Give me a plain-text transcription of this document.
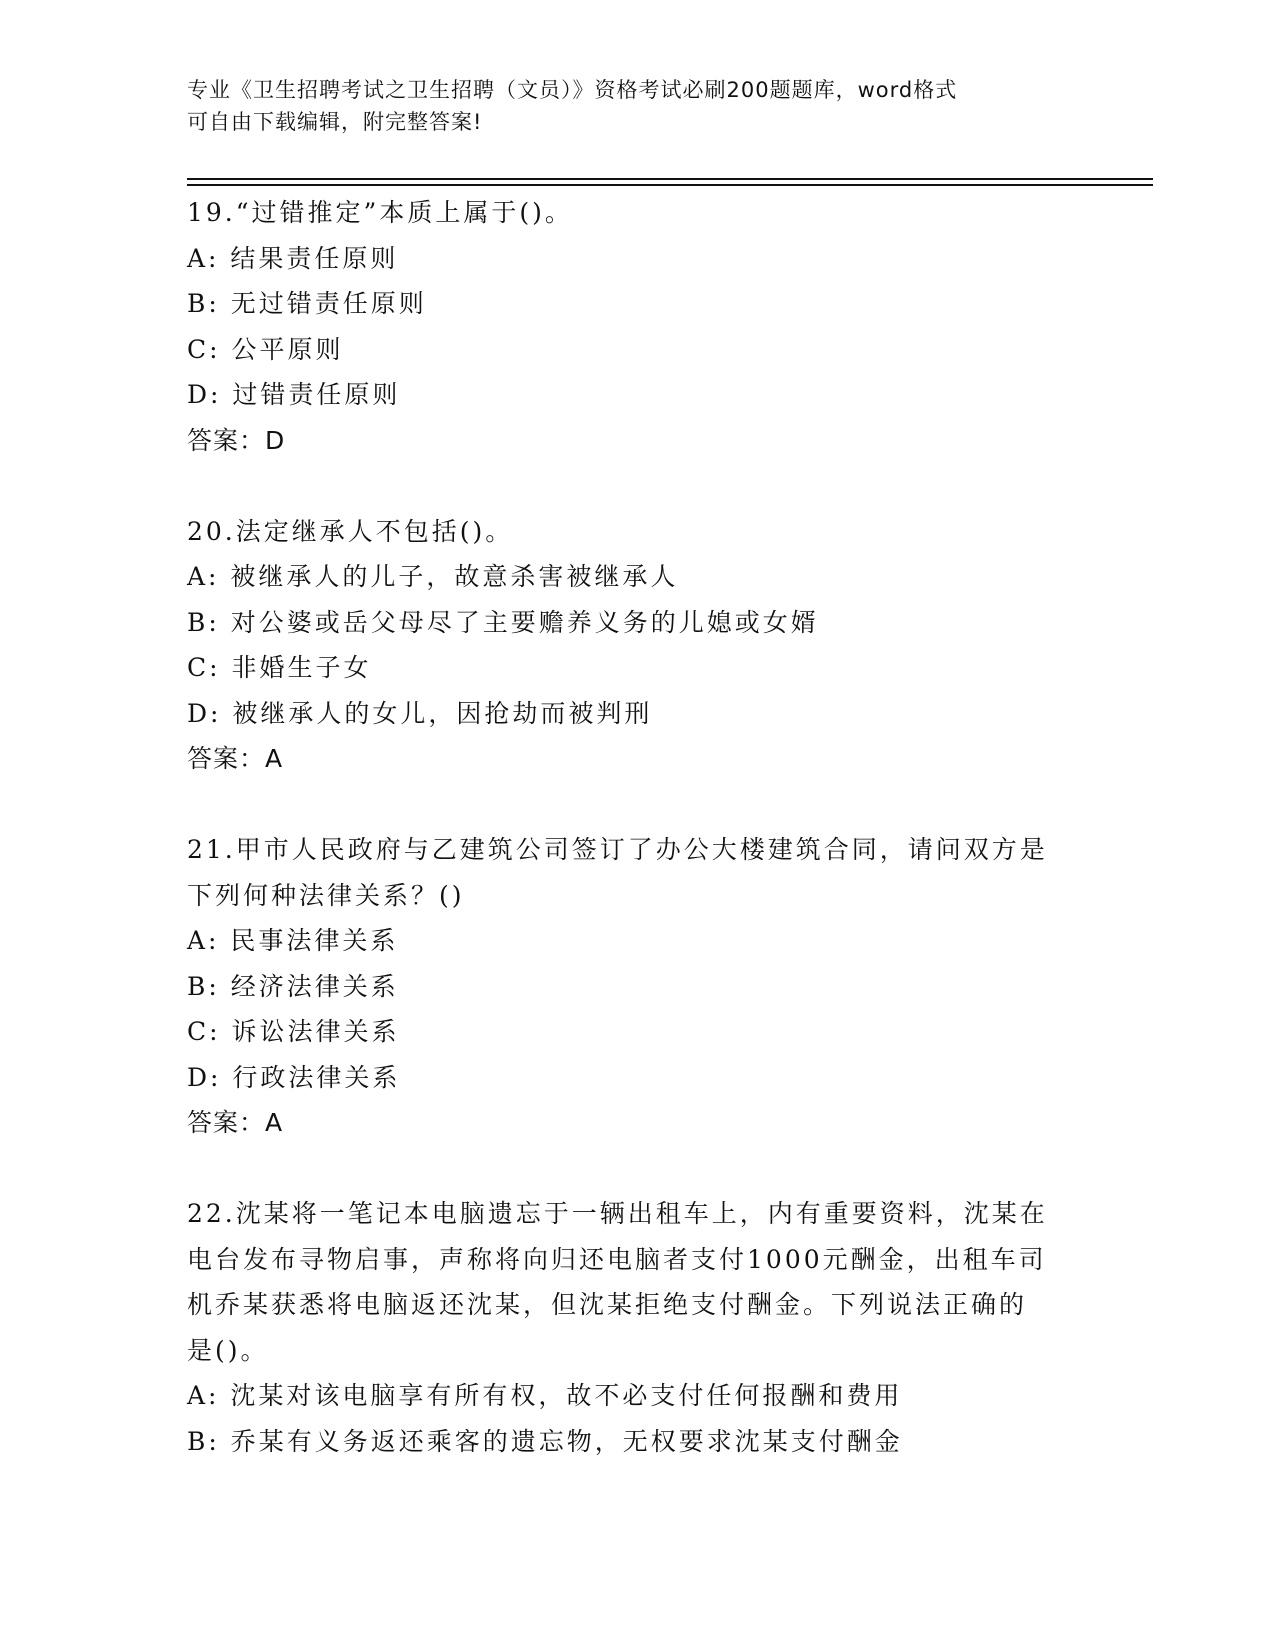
专业《卫生招聘考试之卫生招聘（文员）》资格考试必刷200题题库，word格式
可自由下载编辑，附完整答案!
19.“过错推定”本质上属于()。
A: 结果责任原则
B: 无过错责任原则
C: 公平原则
D: 过错责任原则
答案：D
20.法定继承人不包括()。
A: 被继承人的儿子，故意杀害被继承人
B: 对公婆或岳父母尽了主要赡养义务的儿媳或女婿
C: 非婚生子女
D: 被继承人的女儿，因抢劫而被判刑
答案：A
21.甲市人民政府与乙建筑公司签订了办公大楼建筑合同，请问双方是
下列何种法律关系？()
A: 民事法律关系
B: 经济法律关系
C: 诉讼法律关系
D: 行政法律关系
答案：A
22.沈某将一笔记本电脑遗忘于一辆出租车上，内有重要资料，沈某在
电台发布寻物启事，声称将向归还电脑者支付1000元酬金，出租车司
机乔某获悉将电脑返还沈某，但沈某拒绝支付酬金。下列说法正确的
是()。
A: 沈某对该电脑享有所有权，故不必支付任何报酬和费用
B: 乔某有义务返还乘客的遗忘物，无权要求沈某支付酬金
